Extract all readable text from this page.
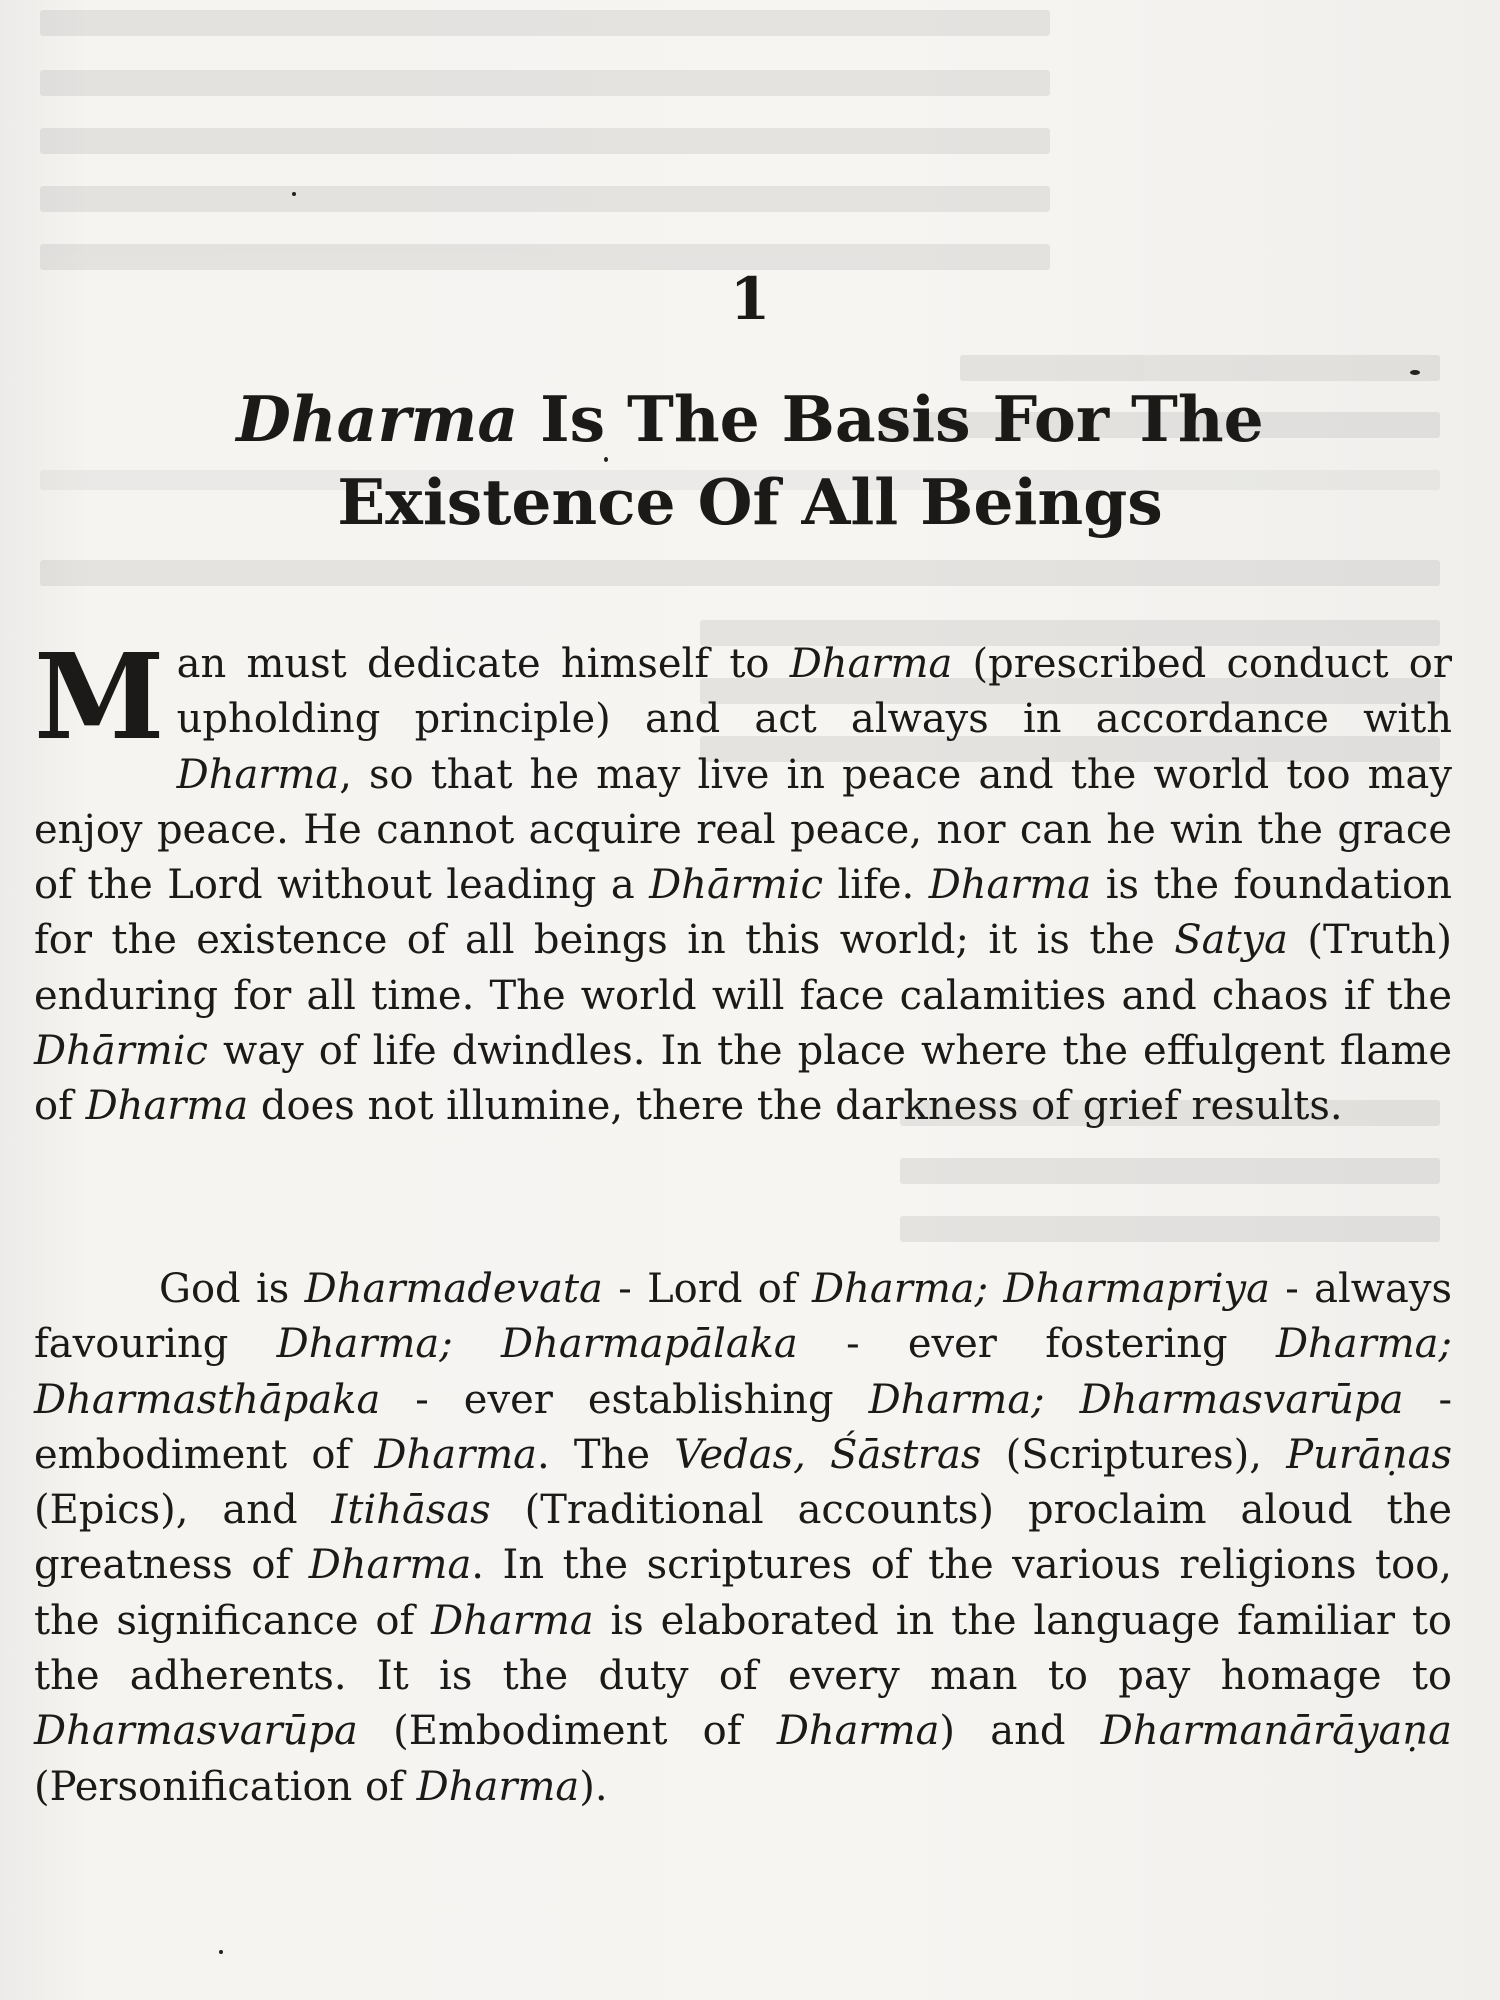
1
Dharma Is The Basis For The
Existence Of All Beings
Man must dedicate himself to Dharma (prescribed conduct or upholding principle) and act always in accordance with Dharma, so that he may live in peace and the world too may enjoy peace. He cannot acquire real peace, nor can he win the grace of the Lord without leading a Dhārmic life. Dharma is the foundation for the existence of all beings in this world; it is the Satya (Truth) enduring for all time. The world will face calamities and chaos if the Dhārmic way of life dwindles. In the place where the effulgent flame of Dharma does not illumine, there the darkness of grief results.
God is Dharmadevata - Lord of Dharma; Dharmapriya - always favouring Dharma; Dharmapālaka - ever fostering Dharma; Dharmasthāpaka - ever establishing Dharma; Dharmasvarūpa - embodiment of Dharma. The Vedas, Śāstras (Scriptures), Purāṇas (Epics), and Itihāsas (Traditional accounts) proclaim aloud the greatness of Dharma. In the scriptures of the various religions too, the significance of Dharma is elaborated in the language familiar to the adherents. It is the duty of every man to pay homage to Dharmasvarūpa (Embodiment of Dharma) and Dharmanārāyaṇa (Personification of Dharma).
